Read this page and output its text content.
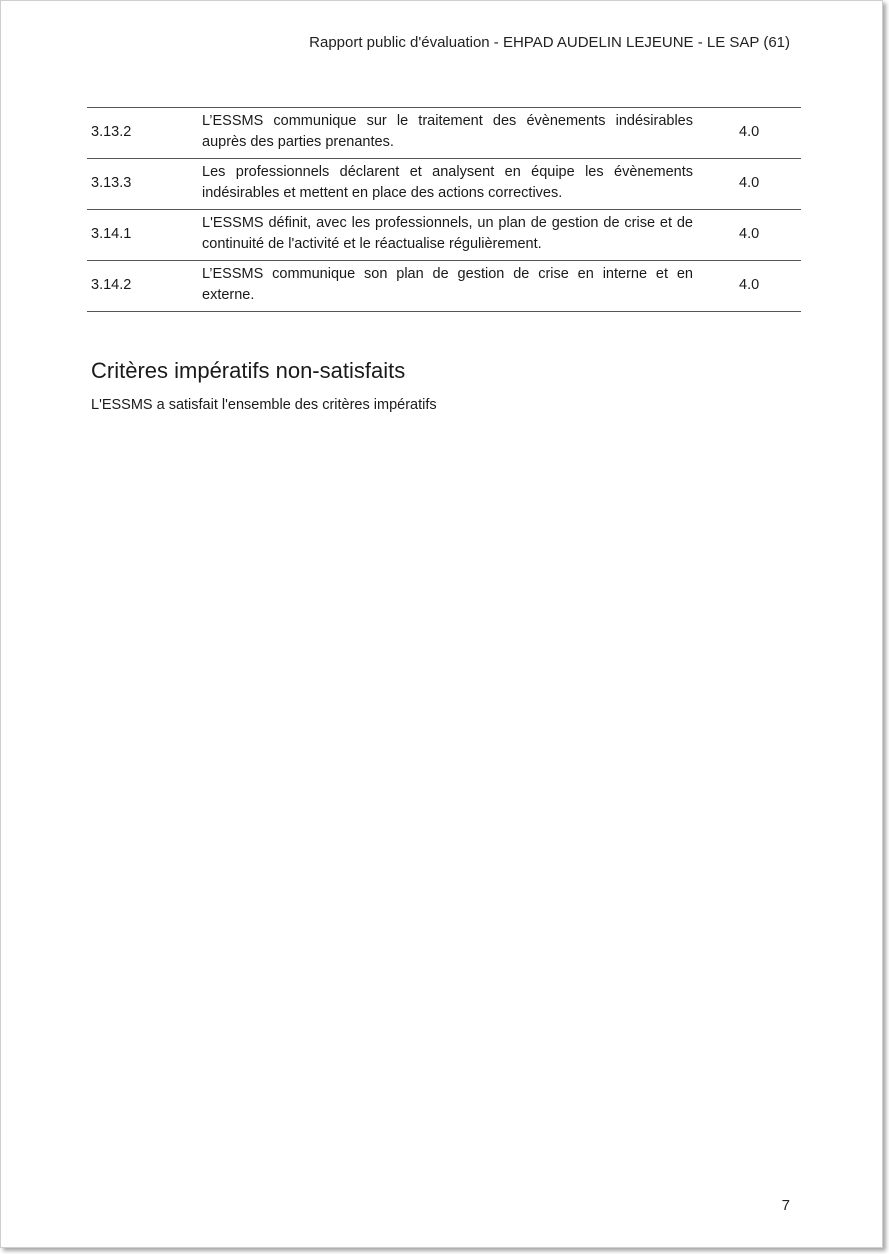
Rapport public d'évaluation - EHPAD AUDELIN LEJEUNE - LE SAP (61)
3.13.2	L’ESSMS communique sur le traitement des évènements indésirables auprès des parties prenantes.	4.0
3.13.3	Les professionnels déclarent et analysent en équipe les évènements indésirables et mettent en place des actions correctives.	4.0
3.14.1	L'ESSMS définit, avec les professionnels, un plan de gestion de crise et de continuité de l'activité et le réactualise régulièrement.	4.0
3.14.2	L’ESSMS communique son plan de gestion de crise en interne et en externe.	4.0
Critères impératifs non-satisfaits

L'ESSMS a satisfait l'ensemble des critères impératifs

7
